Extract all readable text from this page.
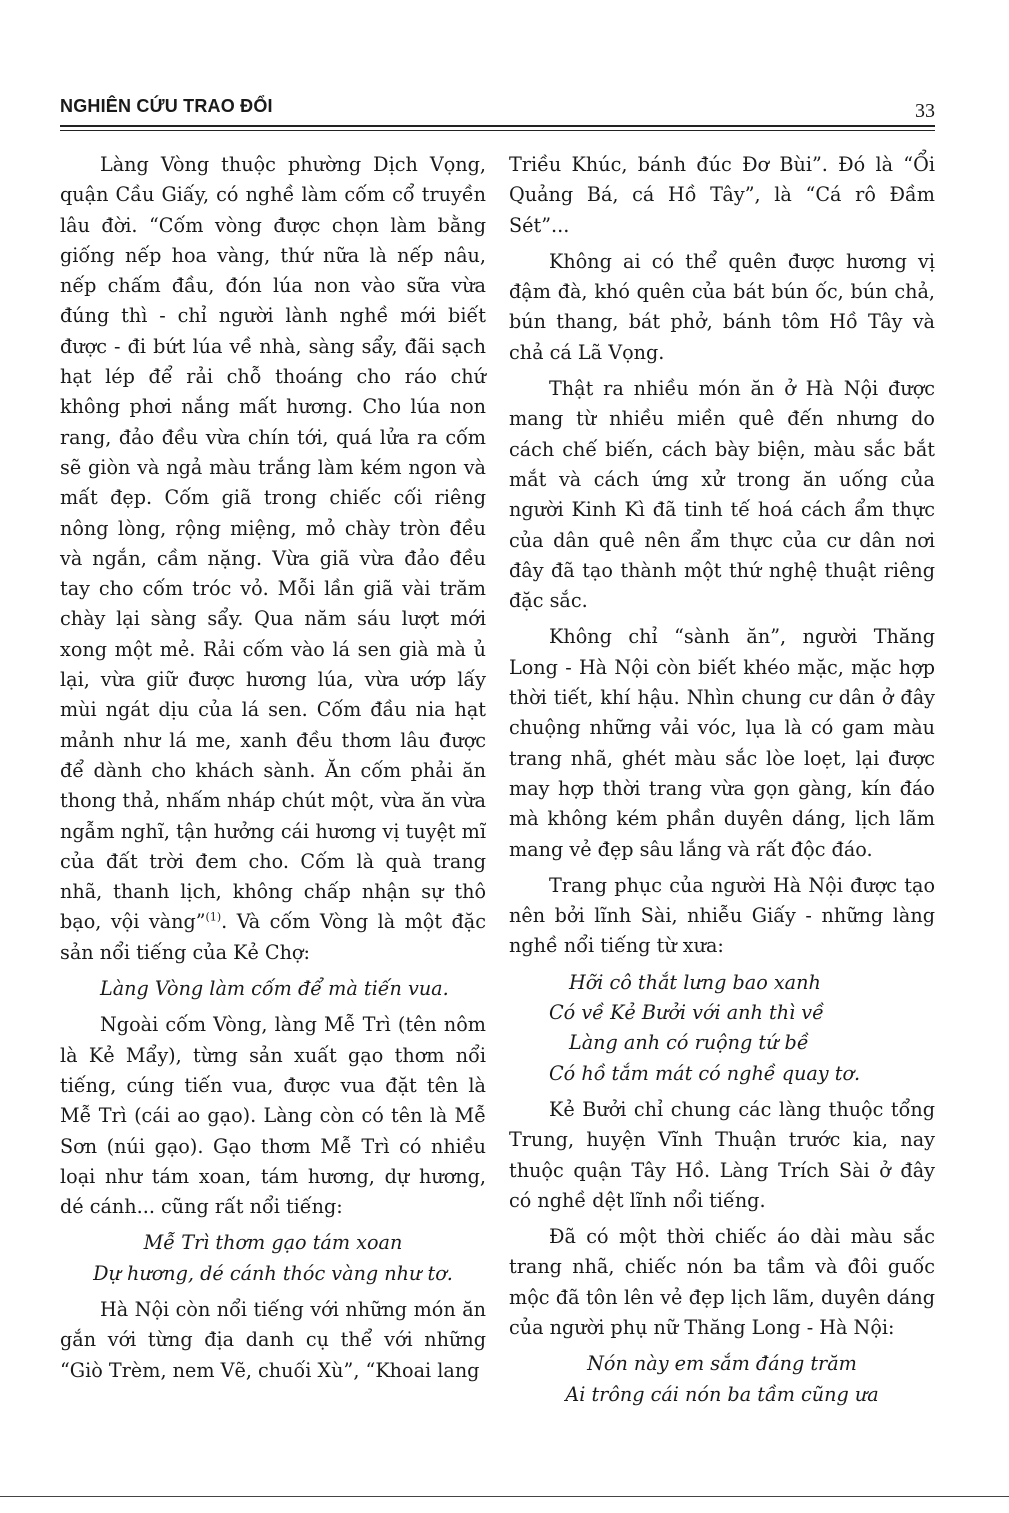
NGHIÊN CỨU TRAO ĐỔI	33

Làng Vòng thuộc phường Dịch Vọng, quận Cầu Giấy, có nghề làm cốm cổ truyền lâu đời. “Cốm vòng được chọn làm bằng giống nếp hoa vàng, thứ nữa là nếp nâu, nếp chấm đầu, đón lúa non vào sữa vừa đúng thì - chỉ người lành nghề mới biết được - đi bứt lúa về nhà, sàng sẩy, đãi sạch hạt lép để rải chỗ thoáng cho ráo chứ không phơi nắng mất hương. Cho lúa non rang, đảo đều vừa chín tới, quá lửa ra cốm sẽ giòn và ngả màu trắng làm kém ngon và mất đẹp. Cốm giã trong chiếc cối riêng nông lòng, rộng miệng, mỏ chày tròn đều và ngắn, cầm nặng. Vừa giã vừa đảo đều tay cho cốm tróc vỏ. Mỗi lần giã vài trăm chày lại sàng sẩy. Qua năm sáu lượt mới xong một mẻ. Rải cốm vào lá sen già mà ủ lại, vừa giữ được hương lúa, vừa ướp lấy mùi ngát dịu của lá sen. Cốm đầu nia hạt mảnh như lá me, xanh đều thơm lâu được để dành cho khách sành. Ăn cốm phải ăn thong thả, nhấm nháp chút một, vừa ăn vừa ngẫm nghĩ, tận hưởng cái hương vị tuyệt mĩ của đất trời đem cho. Cốm là quà trang nhã, thanh lịch, không chấp nhận sự thô bạo, vội vàng”$^{(1)}$. Và cốm Vòng là một đặc sản nổi tiếng của Kẻ Chợ:

Làng Vòng làm cốm để mà tiến vua.

Ngoài cốm Vòng, làng Mễ Trì (tên nôm là Kẻ Mẩy), từng sản xuất gạo thơm nổi tiếng, cúng tiến vua, được vua đặt tên là Mễ Trì (cái ao gạo). Làng còn có tên là Mễ Sơn (núi gạo). Gạo thơm Mễ Trì có nhiều loại như tám xoan, tám hương, dự hương, dé cánh... cũng rất nổi tiếng:

Mễ Trì thơm gạo tám xoan
Dự hương, dé cánh thóc vàng như tơ.

Hà Nội còn nổi tiếng với những món ăn gắn với từng địa danh cụ thể với những “Giò Trèm, nem Vẽ, chuối Xù”, “Khoai lang

Triều Khúc, bánh đúc Đơ Bùi”. Đó là “Ổi Quảng Bá, cá Hồ Tây”, là “Cá rô Đầm Sét”...

Không ai có thể quên được hương vị đậm đà, khó quên của bát bún ốc, bún chả, bún thang, bát phở, bánh tôm Hồ Tây và chả cá Lã Vọng.

Thật ra nhiều món ăn ở Hà Nội được mang từ nhiều miền quê đến nhưng do cách chế biến, cách bày biện, màu sắc bắt mắt và cách ứng xử trong ăn uống của người Kinh Kì đã tinh tế hoá cách ẩm thực của dân quê nên ẩm thực của cư dân nơi đây đã tạo thành một thứ nghệ thuật riêng đặc sắc.

Không chỉ “sành ăn”, người Thăng Long - Hà Nội còn biết khéo mặc, mặc hợp thời tiết, khí hậu. Nhìn chung cư dân ở đây chuộng những vải vóc, lụa là có gam màu trang nhã, ghét màu sắc lòe loẹt, lại được may hợp thời trang vừa gọn gàng, kín đáo mà không kém phần duyên dáng, lịch lãm mang vẻ đẹp sâu lắng và rất độc đáo.

Trang phục của người Hà Nội được tạo nên bởi lĩnh Sài, nhiễu Giấy - những làng nghề nổi tiếng từ xưa:

Hỡi cô thắt lưng bao xanh
Có về Kẻ Bưởi với anh thì về
Làng anh có ruộng tứ bề
Có hồ tắm mát có nghề quay tơ.

Kẻ Bưởi chỉ chung các làng thuộc tổng Trung, huyện Vĩnh Thuận trước kia, nay thuộc quận Tây Hồ. Làng Trích Sài ở đây có nghề dệt lĩnh nổi tiếng.

Đã có một thời chiếc áo dài màu sắc trang nhã, chiếc nón ba tầm và đôi guốc mộc đã tôn lên vẻ đẹp lịch lãm, duyên dáng của người phụ nữ Thăng Long - Hà Nội:

Nón này em sắm đáng trăm
Ai trông cái nón ba tầm cũng ưa
